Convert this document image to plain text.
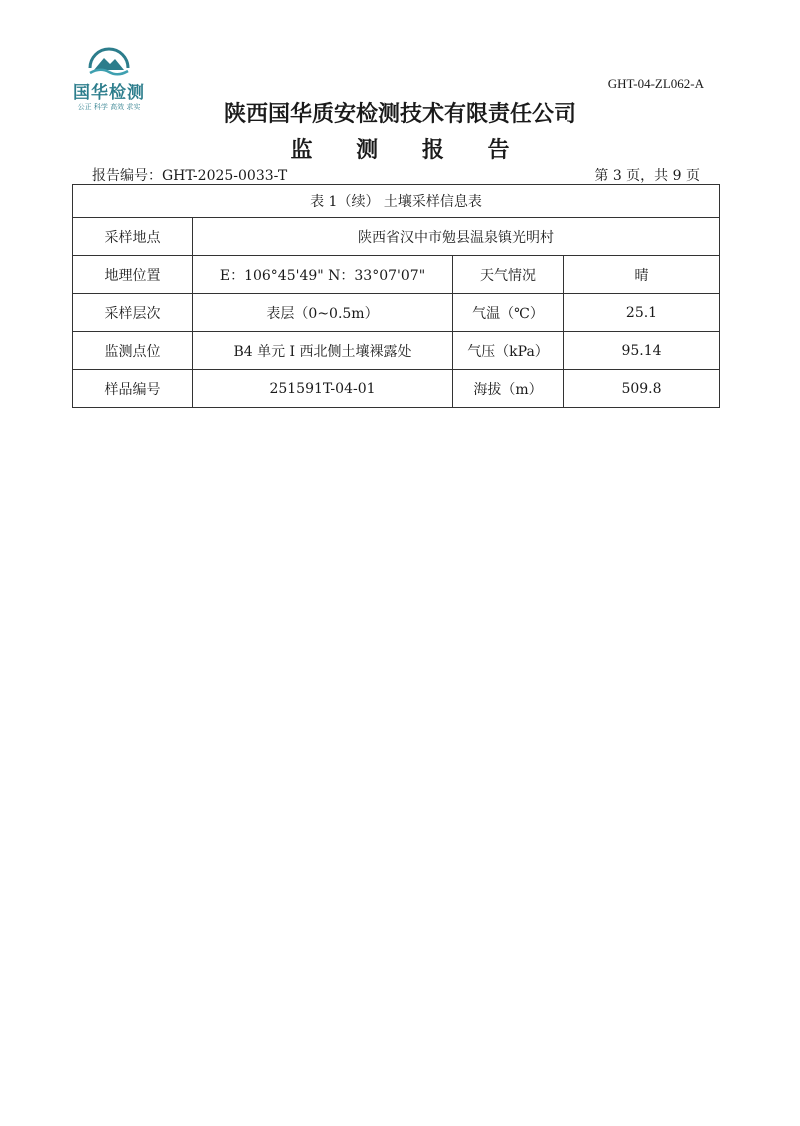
国华检测
公正 科学 高效 求实
GHT-04-ZL062-A
陕西国华质安检测技术有限责任公司
监 测 报 告
报告编号：GHT-2025-0033-T	第 3 页，共 9 页
表 1（续） 土壤采样信息表			
采样地点	陕西省汉中市勉县温泉镇光明村		
地理位置	E：106°45'49" N：33°07'07"	天气情况	晴
采样层次	表层（0~0.5m）	气温（℃）	25.1
监测点位	B4 单元 I 西北侧土壤裸露处	气压（kPa）	95.14
样品编号	251591T-04-01	海拔（m）	509.8
